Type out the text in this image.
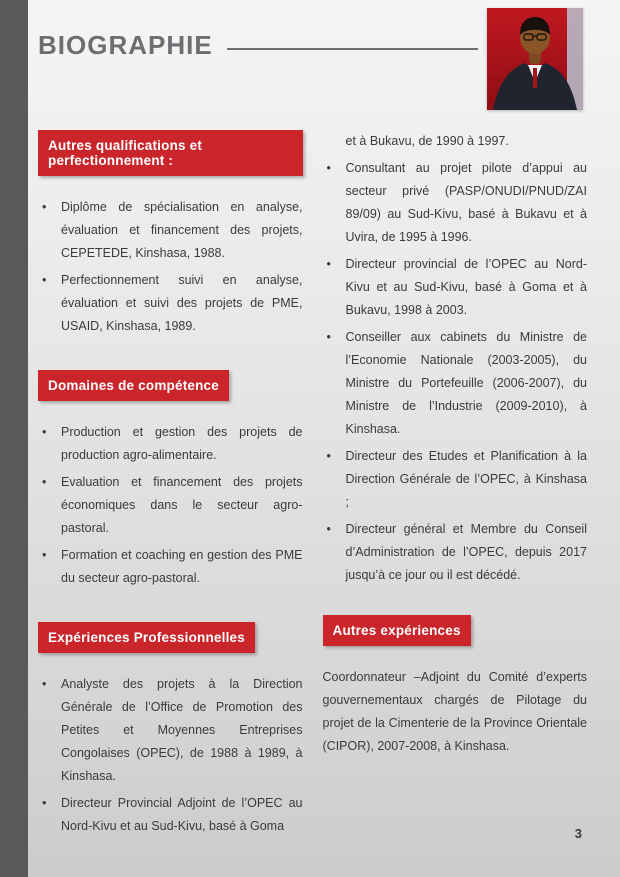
BIOGRAPHIE
Autres qualifications et perfectionnement :
• Diplôme de spécialisation en analyse, évaluation et financement des projets, CEPETEDE, Kinshasa, 1988.
• Perfectionnement suivi en analyse, évaluation et suivi des projets de PME, USAID, Kinshasa, 1989.
Domaines de compétence
• Production et gestion des projets de production agro-alimentaire.
• Evaluation et financement des projets économiques dans le secteur agro-pastoral.
• Formation et coaching en gestion des PME du secteur agro-pastoral.
Expériences Professionnelles
• Analyste des projets à la Direction Générale de l’Office de Promotion des Petites et Moyennes Entreprises Congolaises (OPEC), de 1988 à 1989, à Kinshasa.
• Directeur Provincial Adjoint de l’OPEC au Nord-Kivu et au Sud-Kivu, basé à Goma
et à Bukavu, de 1990 à 1997.
• Consultant au projet pilote d’appui au secteur privé (PASP/ONUDI/PNUD/ZAI 89/09) au Sud-Kivu, basé à Bukavu et à Uvira, de 1995 à 1996.
• Directeur provincial de l’OPEC au Nord-Kivu et au Sud-Kivu, basé à Goma et à Bukavu, 1998 à 2003.
• Conseiller aux cabinets du Ministre de l’Economie Nationale (2003-2005), du Ministre du Portefeuille (2006-2007), du Ministre de l’Industrie (2009-2010), à Kinshasa.
• Directeur des Etudes et Planification à la Direction Générale de l’OPEC, à Kinshasa ;
• Directeur général et Membre du Conseil d’Administration de l’OPEC, depuis 2017 jusqu’à ce jour ou il est décédé.
Autres expériences

Coordonnateur –Adjoint du Comité d’experts gouvernementaux chargés de Pilotage du projet de la Cimenterie de la Province Orientale (CIPOR), 2007-2008, à Kinshasa.

3
